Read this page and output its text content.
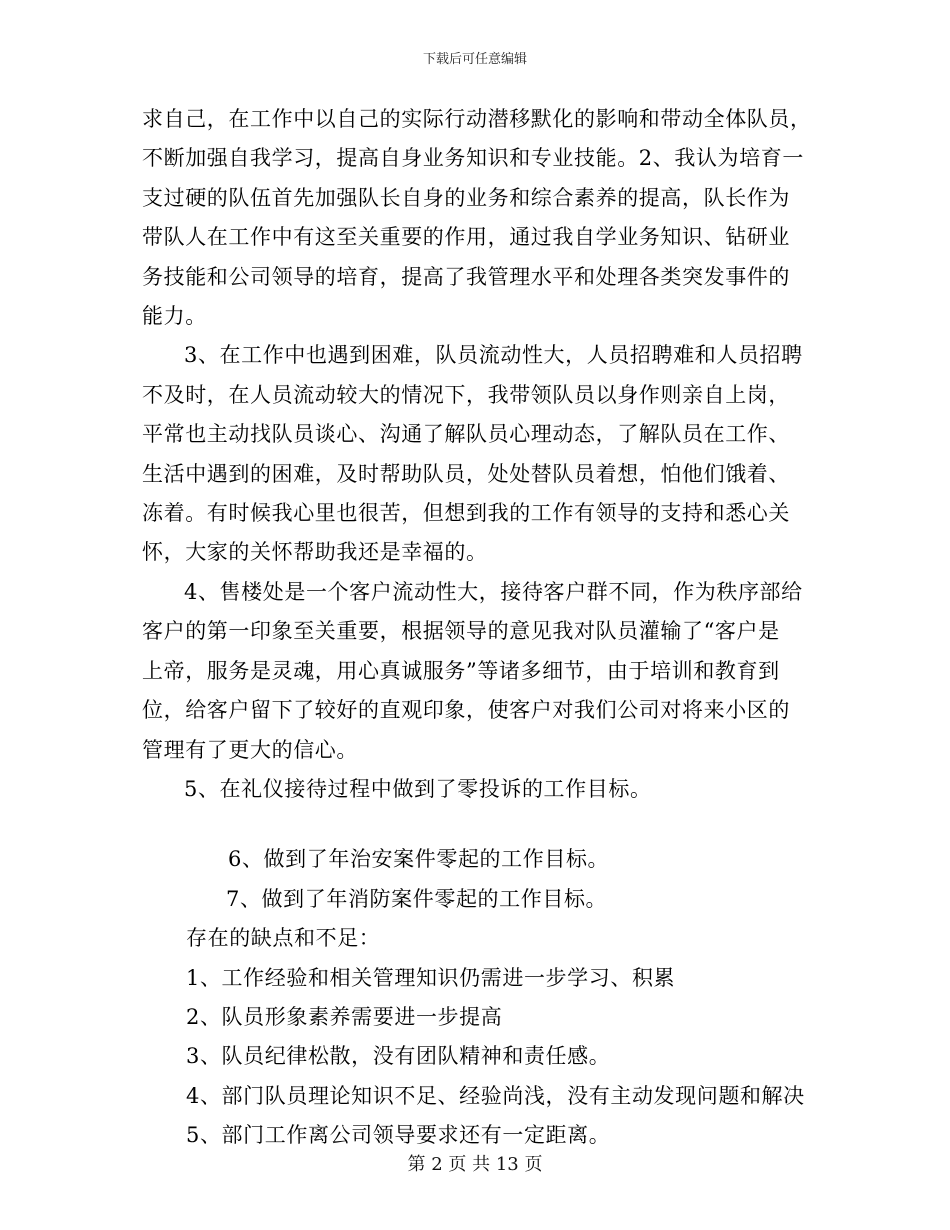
下载后可任意编辑
求自己，在工作中以自己的实际行动潜移默化的影响和带动全体队员，
不断加强自我学习，提高自身业务知识和专业技能。2、我认为培育一
支过硬的队伍首先加强队长自身的业务和综合素养的提高，队长作为
带队人在工作中有这至关重要的作用，通过我自学业务知识、钻研业
务技能和公司领导的培育，提高了我管理水平和处理各类突发事件的
能力。
3、在工作中也遇到困难，队员流动性大，人员招聘难和人员招聘
不及时，在人员流动较大的情况下，我带领队员以身作则亲自上岗，
平常也主动找队员谈心、沟通了解队员心理动态，了解队员在工作、
生活中遇到的困难，及时帮助队员，处处替队员着想，怕他们饿着、
冻着。有时候我心里也很苦，但想到我的工作有领导的支持和悉心关
怀，大家的关怀帮助我还是幸福的。
4、售楼处是一个客户流动性大，接待客户群不同，作为秩序部给
客户的第一印象至关重要，根据领导的意见我对队员灌输了“客户是
上帝，服务是灵魂，用心真诚服务”等诸多细节，由于培训和教育到
位，给客户留下了较好的直观印象，使客户对我们公司对将来小区的
管理有了更大的信心。
5、在礼仪接待过程中做到了零投诉的工作目标。
6、做到了年治安案件零起的工作目标。
7、做到了年消防案件零起的工作目标。
存在的缺点和不足：
1、工作经验和相关管理知识仍需进一步学习、积累
2、队员形象素养需要进一步提高
3、队员纪律松散，没有团队精神和责任感。
4、部门队员理论知识不足、经验尚浅，没有主动发现问题和解决
5、部门工作离公司领导要求还有一定距离。
第 2 页 共 13 页
